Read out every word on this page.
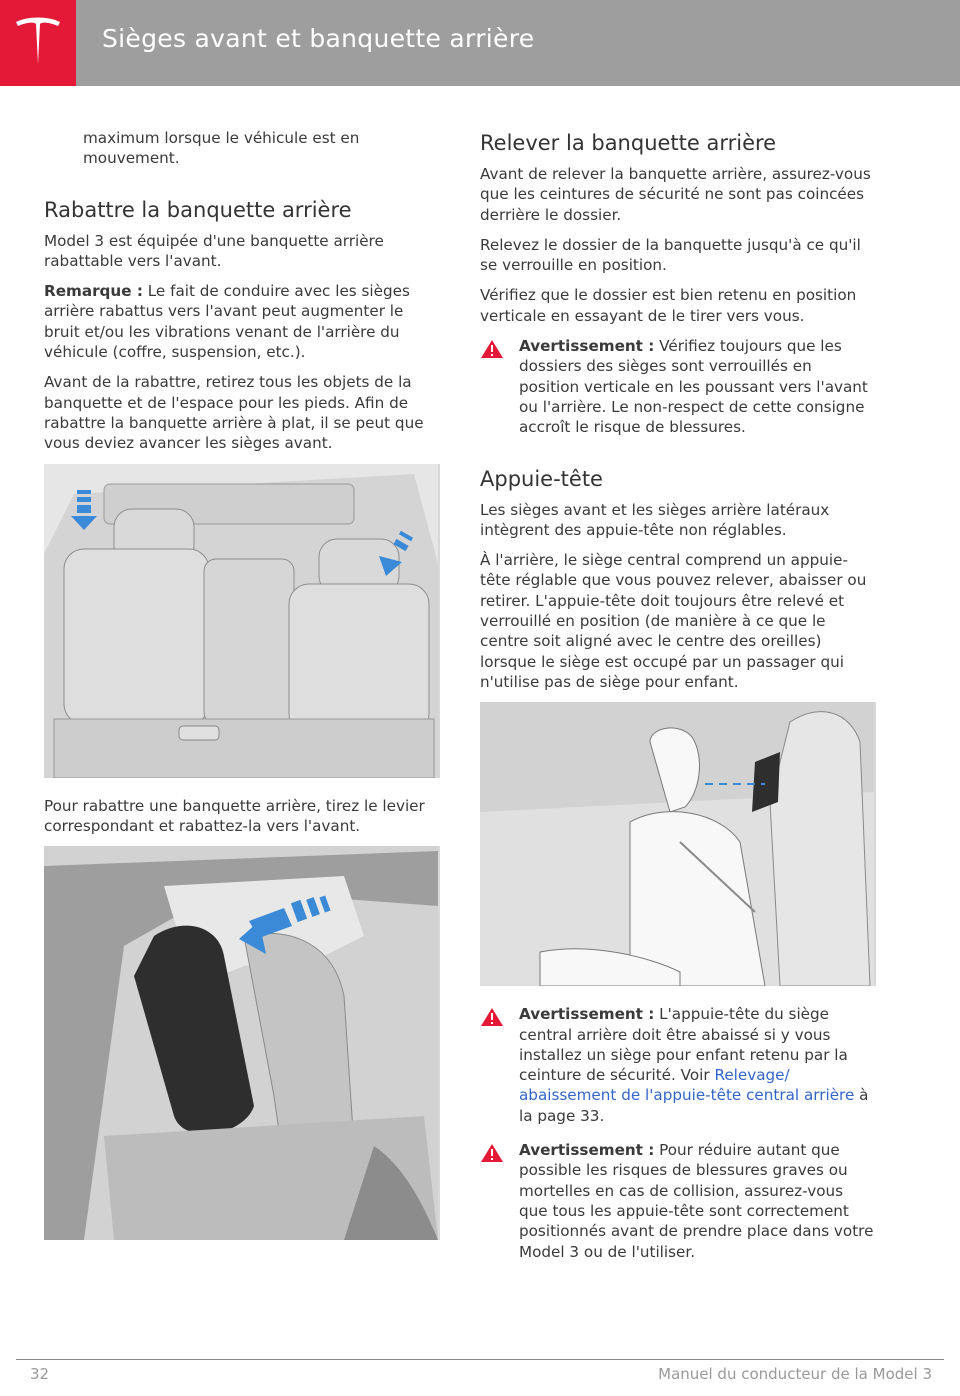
Sièges avant et banquette arrière

maximum lorsque le véhicule est en mouvement.

Rabattre la banquette arrière

Model 3 est équipée d'une banquette arrière rabattable vers l'avant.

Remarque : Le fait de conduire avec les sièges arrière rabattus vers l'avant peut augmenter le bruit et/ou les vibrations venant de l'arrière du véhicule (coffre, suspension, etc.).

Avant de la rabattre, retirez tous les objets de la banquette et de l'espace pour les pieds. Afin de rabattre la banquette arrière à plat, il se peut que vous deviez avancer les sièges avant.

Pour rabattre une banquette arrière, tirez le levier correspondant et rabattez-la vers l'avant.

Relever la banquette arrière

Avant de relever la banquette arrière, assurez-vous que les ceintures de sécurité ne sont pas coincées derrière le dossier.

Relevez le dossier de la banquette jusqu'à ce qu'il se verrouille en position.

Vérifiez que le dossier est bien retenu en position verticale en essayant de le tirer vers vous.

Avertissement : Vérifiez toujours que les dossiers des sièges sont verrouillés en position verticale en les poussant vers l'avant ou l'arrière. Le non-respect de cette consigne accroît le risque de blessures.

Appuie-tête

Les sièges avant et les sièges arrière latéraux intègrent des appuie-tête non réglables.

À l'arrière, le siège central comprend un appuie-tête réglable que vous pouvez relever, abaisser ou retirer. L'appuie-tête doit toujours être relevé et verrouillé en position (de manière à ce que le centre soit aligné avec le centre des oreilles) lorsque le siège est occupé par un passager qui n'utilise pas de siège pour enfant.

Avertissement : L'appuie-tête du siège central arrière doit être abaissé si y vous installez un siège pour enfant retenu par la ceinture de sécurité. Voir Relevage/ abaissement de l'appuie-tête central arrière à la page 33.

Avertissement : Pour réduire autant que possible les risques de blessures graves ou mortelles en cas de collision, assurez-vous que tous les appuie-tête sont correctement positionnés avant de prendre place dans votre Model 3 ou de l'utiliser.

32	Manuel du conducteur de la Model 3
